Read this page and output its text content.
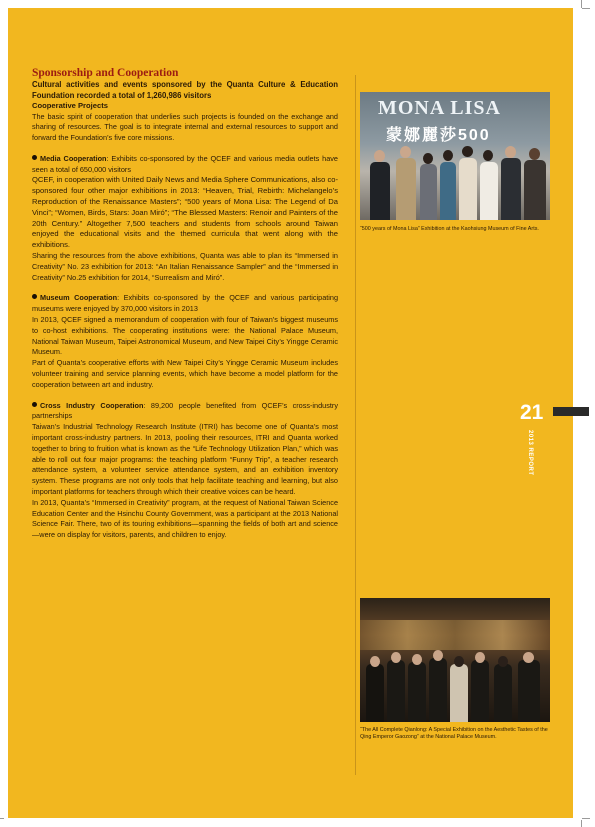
Sponsorship and Cooperation

Cultural activities and events sponsored by the Quanta Culture & Education Foundation recorded a total of 1,260,986 visitors

Cooperative Projects

The basic spirit of cooperation that underlies such projects is founded on the exchange and sharing of resources. The goal is to integrate internal and external resources to support and forward the Foundation’s five core missions.

Media Cooperation: Exhibits co-sponsored by the QCEF and various media outlets have seen a total of 650,000 visitors

QCEF, in cooperation with United Daily News and Media Sphere Communications, also co-sponsored four other major exhibitions in 2013: “Heaven, Trial, Rebirth: Michelangelo’s Reproduction of the Renaissance Masters”; “500 years of Mona Lisa: The Legend of Da Vinci”; “Women, Birds, Stars: Joan Miró”; “The Blessed Masters: Renoir and Painters of the 20th Century.” Altogether 7,500 teachers and students from schools around Taiwan enjoyed the educational visits and the themed curricula that went along with the exhibitions.

Sharing the resources from the above exhibitions, Quanta was able to plan its “Immersed in Creativity” No. 23 exhibition for 2013: “An Italian Renaissance Sampler” and the “Immersed in Creativity” No.25 exhibition for 2014, “Surrealism and Miró”.

Museum Cooperation: Exhibits co-sponsored by the QCEF and various participating museums were enjoyed by 370,000 visitors in 2013

In 2013, QCEF signed a memorandum of cooperation with four of Taiwan’s biggest museums to co-host exhibitions. The cooperating institutions were: the National Palace Museum, National Taiwan Museum, Taipei Astronomical Museum, and New Taipei City’s Yingge Ceramic Museum.

Part of Quanta’s cooperative efforts with New Taipei City’s Yingge Ceramic Museum includes volunteer training and service planning events, which have become a model platform for the cooperation between art and industry.

Cross Industry Cooperation: 89,200 people benefited from QCEF’s cross-industry partnerships

Taiwan’s Industrial Technology Research Institute (ITRI) has become one of Quanta’s most important cross-industry partners. In 2013, pooling their resources, ITRI and Quanta worked together to bring to fruition what is known as the “Life Technology Utilization Plan,” which was able to roll out four major programs: the teaching platform “Funny Trip”, a teacher research attendance system, a volunteer service attendance system, and an exhibition inventory system. These programs are not only tools that help facilitate teaching and learning, but also important platforms for teachers through which their creative voices can be heard.

In 2013, Quanta’s “Immersed in Creativity” program, at the request of National Taiwan Science Education Center and the Hsinchu County Government, was a participant at the 2013 National Science Fair. There, two of its touring exhibitions—spanning the fields of both art and science—were on display for visitors, parents, and children to enjoy.

MONA LISA
蒙娜麗莎500
“500 years of Mona Lisa” Exhibition at the Kaohsiung Museum of Fine Arts.
21
2013 REPORT
“The All Complete Qianlong: A Special Exhibition on the Aesthetic Tastes of the Qing Emperor Gaozong” at the National Palace Museum.
